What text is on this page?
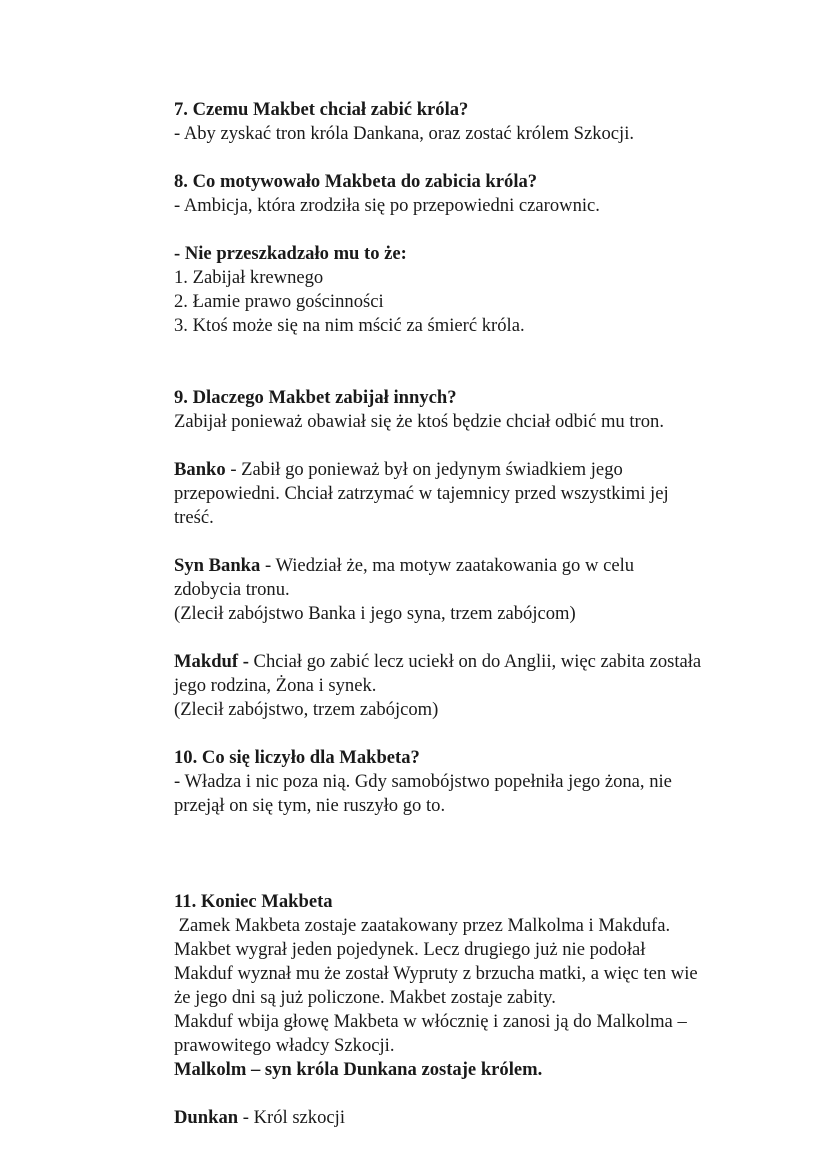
7. Czemu Makbet chciał zabić króla?
- Aby zyskać tron króla Dankana, oraz zostać królem Szkocji.
8. Co motywowało Makbeta do zabicia króla?
- Ambicja, która zrodziła się po przepowiedni czarownic.
- Nie przeszkadzało mu to że:
1. Zabijał krewnego
2. Łamie prawo gościnności
3. Ktoś może się na nim mścić za śmierć króla.
9. Dlaczego Makbet zabijał innych?
Zabijał ponieważ obawiał się że ktoś będzie chciał odbić mu tron.
Banko - Zabił go ponieważ był on jedynym świadkiem jego
przepowiedni. Chciał zatrzymać w tajemnicy przed wszystkimi jej
treść.
Syn Banka - Wiedział że, ma motyw zaatakowania go w celu
zdobycia tronu.
(Zlecił zabójstwo Banka i jego syna, trzem zabójcom)
Makduf - Chciał go zabić lecz uciekł on do Anglii, więc zabita została
jego rodzina, Żona i synek.
(Zlecił zabójstwo, trzem zabójcom)
10. Co się liczyło dla Makbeta?
- Władza i nic poza nią. Gdy samobójstwo popełniła jego żona, nie
przejął on się tym, nie ruszyło go to.
11. Koniec Makbeta
Zamek Makbeta zostaje zaatakowany przez Malkolma i Makdufa.
Makbet wygrał jeden pojedynek. Lecz drugiego już nie podołał
Makduf wyznał mu że został Wypruty z brzucha matki, a więc ten wie
że jego dni są już policzone. Makbet zostaje zabity.
Makduf wbija głowę Makbeta w włócznię i zanosi ją do Malkolma –
prawowitego władcy Szkocji.
Malkolm – syn króla Dunkana zostaje królem.
Dunkan - Król szkocji
